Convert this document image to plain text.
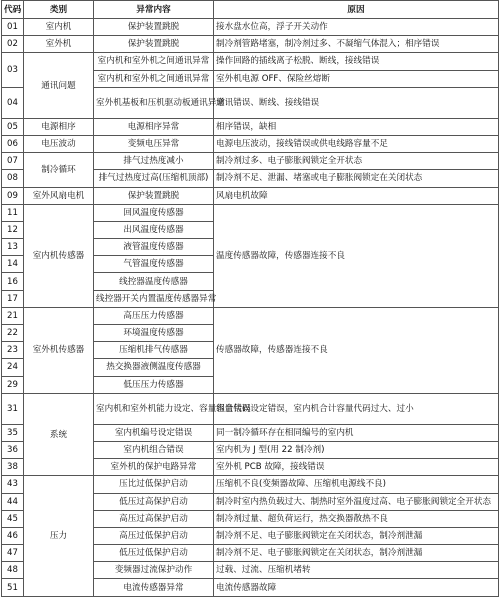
代码	类别	异常内容	原因
01	室内机	保护装置跳脱	接水盘水位高，浮子开关动作
02	室外机	保护装置跳脱	制冷剂管路堵塞，制冷剂过多、不凝缩气体混入；相序错误
03	通讯问题	室内机和室外机之间通讯异常	操作回路的插线离子松脱、断线，接线错误
		室内机和室外机之间通讯异常	室外机电源 OFF、保险丝熔断
04		室外机基板和压机驱动板通讯异常	通讯错误、断线、接线错误
05	电源相序	电源相序异常	相序错误，缺相
06	电压波动	变频电压异常	电源电压波动，接线错误或供电线路容量不足
07	制冷循环	排气过热度减小	制冷剂过多、电子膨胀阀锁定全开状态
08		排气过热度过高(压缩机顶部)	制冷剂不足、泄漏、堵塞或电子膨胀阀锁定在关闭状态
09	室外风扇电机	保护装置跳脱	风扇电机故障
11	室内机传感器	回风温度传感器	温度传感器故障，传感器连接不良
12		出风温度传感器	
13		液管温度传感器	
14		气管温度传感器	
16		线控器温度传感器	
17		线控器开关内置温度传感器异常	
21	室外机传感器	高压压力传感器	传感器故障，传感器连接不良
22		环境温度传感器	
23		压缩机排气传感器	
24		热交换器液侧温度传感器	
29		低压压力传感器	
31	系统	室内机和室外机能力设定、容量组合错误	容量代码设定错误，室内机合计容量代码过大、过小
35		室内机编号设定错误	同一制冷循环存在相同编号的室内机
36		室内机组合错误	室内机为 J 型(用 22 制冷剂)
38		室外机的保护电路异常	室外机 PCB 故障，接线错误
43	压力	压比过低保护启动	压缩机不良(变频器故障、压缩机电源线不良)
44		低压过高保护启动	制冷时室内热负载过大、制热时室外温度过高、电子膨胀阀锁定全开状态
45		高压过高保护启动	制冷剂过量、超负荷运行，热交换器散热不良
46		高压过低保护启动	制冷剂不足、电子膨胀阀锁定在关闭状态，制冷剂泄漏
47		低压过低保护启动	制冷剂不足、电子膨胀阀锁定在关闭状态，制冷剂泄漏
48		变频器过流保护动作	过载、过流、压缩机堵转
51		电流传感器异常	电流传感器故障
